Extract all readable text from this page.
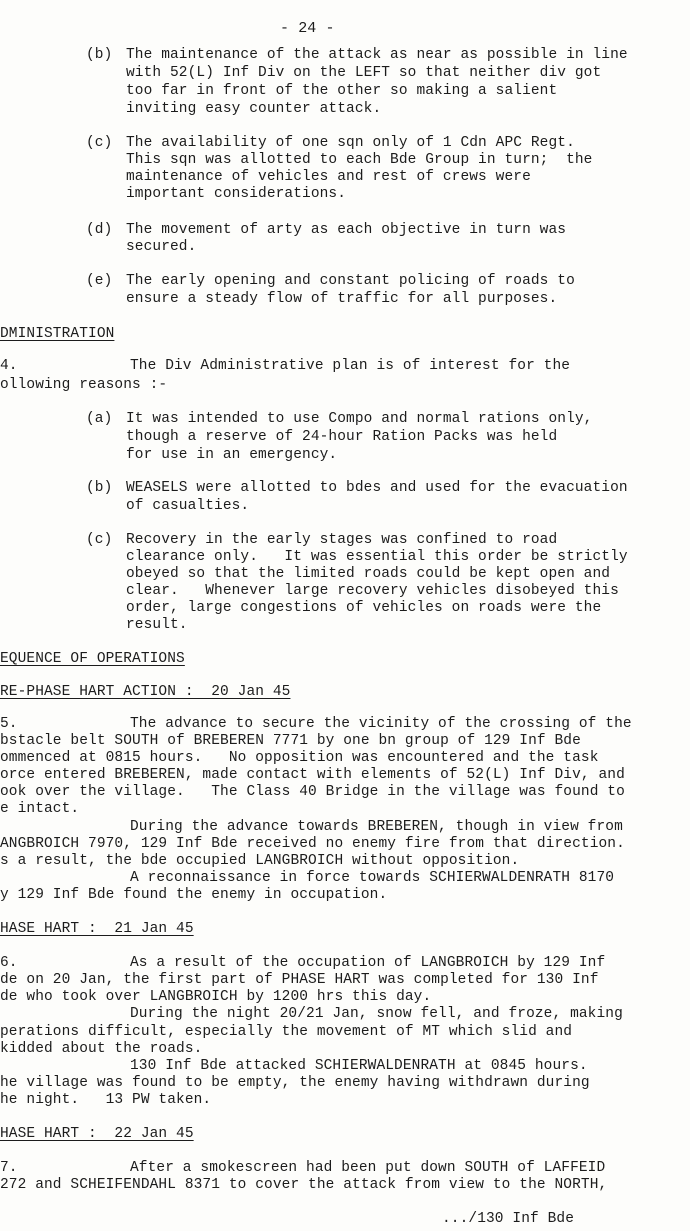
- 24 -
(b) The maintenance of the attack as near as possible in line
with 52(L) Inf Div on the LEFT so that neither div got
too far in front of the other so making a salient
inviting easy counter attack.
(c) The availability of one sqn only of 1 Cdn APC Regt.
This sqn was allotted to each Bde Group in turn;  the
maintenance of vehicles and rest of crews were
important considerations.
(d) The movement of arty as each objective in turn was
secured.
(e) The early opening and constant policing of roads to
ensure a steady flow of traffic for all purposes.
DMINISTRATION
4.	The Div Administrative plan is of interest for the
ollowing reasons :-
(a) It was intended to use Compo and normal rations only,
though a reserve of 24-hour Ration Packs was held
for use in an emergency.
(b) WEASELS were allotted to bdes and used for the evacuation
of casualties.
(c) Recovery in the early stages was confined to road
clearance only.   It was essential this order be strictly
obeyed so that the limited roads could be kept open and
clear.   Whenever large recovery vehicles disobeyed this
order, large congestions of vehicles on roads were the
result.
EQUENCE OF OPERATIONS
RE-PHASE HART ACTION :  20 Jan 45
5.	The advance to secure the vicinity of the crossing of the
bstacle belt SOUTH of BREBEREN 7771 by one bn group of 129 Inf Bde
ommenced at 0815 hours.   No opposition was encountered and the task
orce entered BREBEREN, made contact with elements of 52(L) Inf Div, and
ook over the village.   The Class 40 Bridge in the village was found to
e intact.
During the advance towards BREBEREN, though in view from
ANGBROICH 7970, 129 Inf Bde received no enemy fire from that direction.
s a result, the bde occupied LANGBROICH without opposition.
A reconnaissance in force towards SCHIERWALDENRATH 8170
y 129 Inf Bde found the enemy in occupation.
HASE HART :  21 Jan 45
6.	As a result of the occupation of LANGBROICH by 129 Inf
de on 20 Jan, the first part of PHASE HART was completed for 130 Inf
de who took over LANGBROICH by 1200 hrs this day.
During the night 20/21 Jan, snow fell, and froze, making
perations difficult, especially the movement of MT which slid and
kidded about the roads.
130 Inf Bde attacked SCHIERWALDENRATH at 0845 hours.
he village was found to be empty, the enemy having withdrawn during
he night.   13 PW taken.
HASE HART :  22 Jan 45
7.	After a smokescreen had been put down SOUTH of LAFFEID
272 and SCHEIFENDAHL 8371 to cover the attack from view to the NORTH,
.../130 Inf Bde
